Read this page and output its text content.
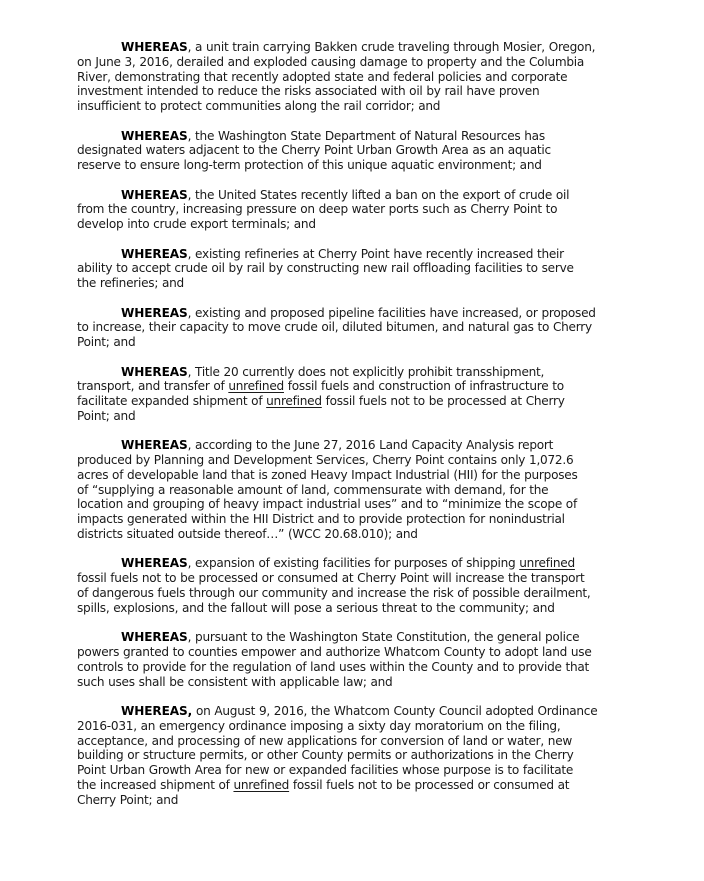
WHEREAS, a unit train carrying Bakken crude traveling through Mosier, Oregon,
on June 3, 2016, derailed and exploded causing damage to property and the Columbia
River, demonstrating that recently adopted state and federal policies and corporate
investment intended to reduce the risks associated with oil by rail have proven
insufficient to protect communities along the rail corridor; and
WHEREAS, the Washington State Department of Natural Resources has
designated waters adjacent to the Cherry Point Urban Growth Area as an aquatic
reserve to ensure long-term protection of this unique aquatic environment; and
WHEREAS, the United States recently lifted a ban on the export of crude oil
from the country, increasing pressure on deep water ports such as Cherry Point to
develop into crude export terminals; and
WHEREAS, existing refineries at Cherry Point have recently increased their
ability to accept crude oil by rail by constructing new rail offloading facilities to serve
the refineries; and
WHEREAS, existing and proposed pipeline facilities have increased, or proposed
to increase, their capacity to move crude oil, diluted bitumen, and natural gas to Cherry
Point; and
WHEREAS, Title 20 currently does not explicitly prohibit transshipment,
transport, and transfer of unrefined fossil fuels and construction of infrastructure to
facilitate expanded shipment of unrefined fossil fuels not to be processed at Cherry
Point; and
WHEREAS, according to the June 27, 2016 Land Capacity Analysis report
produced by Planning and Development Services, Cherry Point contains only 1,072.6
acres of developable land that is zoned Heavy Impact Industrial (HII) for the purposes
of “supplying a reasonable amount of land, commensurate with demand, for the
location and grouping of heavy impact industrial uses” and to “minimize the scope of
impacts generated within the HII District and to provide protection for nonindustrial
districts situated outside thereof…” (WCC 20.68.010); and
WHEREAS, expansion of existing facilities for purposes of shipping unrefined
fossil fuels not to be processed or consumed at Cherry Point will increase the transport
of dangerous fuels through our community and increase the risk of possible derailment,
spills, explosions, and the fallout will pose a serious threat to the community; and
WHEREAS, pursuant to the Washington State Constitution, the general police
powers granted to counties empower and authorize Whatcom County to adopt land use
controls to provide for the regulation of land uses within the County and to provide that
such uses shall be consistent with applicable law; and
WHEREAS, on August 9, 2016, the Whatcom County Council adopted Ordinance
2016-031, an emergency ordinance imposing a sixty day moratorium on the filing,
acceptance, and processing of new applications for conversion of land or water, new
building or structure permits, or other County permits or authorizations in the Cherry
Point Urban Growth Area for new or expanded facilities whose purpose is to facilitate
the increased shipment of unrefined fossil fuels not to be processed or consumed at
Cherry Point; and
